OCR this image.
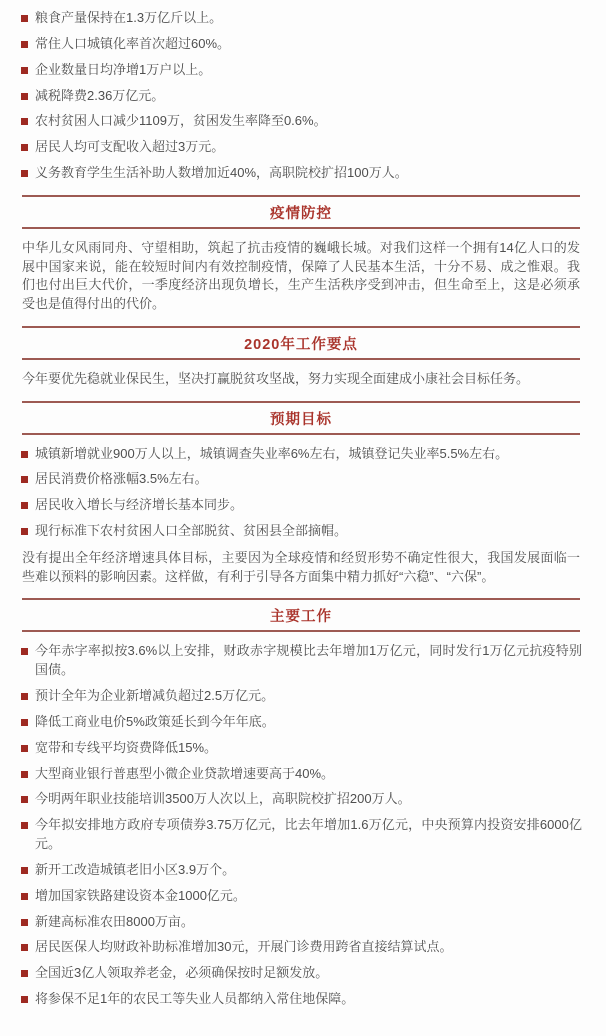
粮食产量保持在1.3万亿斤以上。
常住人口城镇化率首次超过60%。
企业数量日均净增1万户以上。
减税降费2.36万亿元。
农村贫困人口减少1109万，贫困发生率降至0.6%。
居民人均可支配收入超过3万元。
义务教育学生生活补助人数增加近40%，高职院校扩招100万人。
疫情防控

中华儿女风雨同舟、守望相助，筑起了抗击疫情的巍峨长城。对我们这样一个拥有14亿人口的发展中国家来说，能在较短时间内有效控制疫情，保障了人民基本生活，十分不易、成之惟艰。我们也付出巨大代价，一季度经济出现负增长，生产生活秩序受到冲击，但生命至上，这是必须承受也是值得付出的代价。

2020年工作要点

今年要优先稳就业保民生，坚决打赢脱贫攻坚战，努力实现全面建成小康社会目标任务。

预期目标
城镇新增就业900万人以上，城镇调查失业率6%左右，城镇登记失业率5.5%左右。
居民消费价格涨幅3.5%左右。
居民收入增长与经济增长基本同步。
现行标准下农村贫困人口全部脱贫、贫困县全部摘帽。

没有提出全年经济增速具体目标，主要因为全球疫情和经贸形势不确定性很大，我国发展面临一些难以预料的影响因素。这样做，有利于引导各方面集中精力抓好“六稳”、“六保”。

主要工作
今年赤字率拟按3.6%以上安排，财政赤字规模比去年增加1万亿元，同时发行1万亿元抗疫特别国债。
预计全年为企业新增减负超过2.5万亿元。
降低工商业电价5%政策延长到今年年底。
宽带和专线平均资费降低15%。
大型商业银行普惠型小微企业贷款增速要高于40%。
今明两年职业技能培训3500万人次以上，高职院校扩招200万人。
今年拟安排地方政府专项债券3.75万亿元，比去年增加1.6万亿元，中央预算内投资安排6000亿元。
新开工改造城镇老旧小区3.9万个。
增加国家铁路建设资本金1000亿元。
新建高标准农田8000万亩。
居民医保人均财政补助标准增加30元，开展门诊费用跨省直接结算试点。
全国近3亿人领取养老金，必须确保按时足额发放。
将参保不足1年的农民工等失业人员都纳入常住地保障。
